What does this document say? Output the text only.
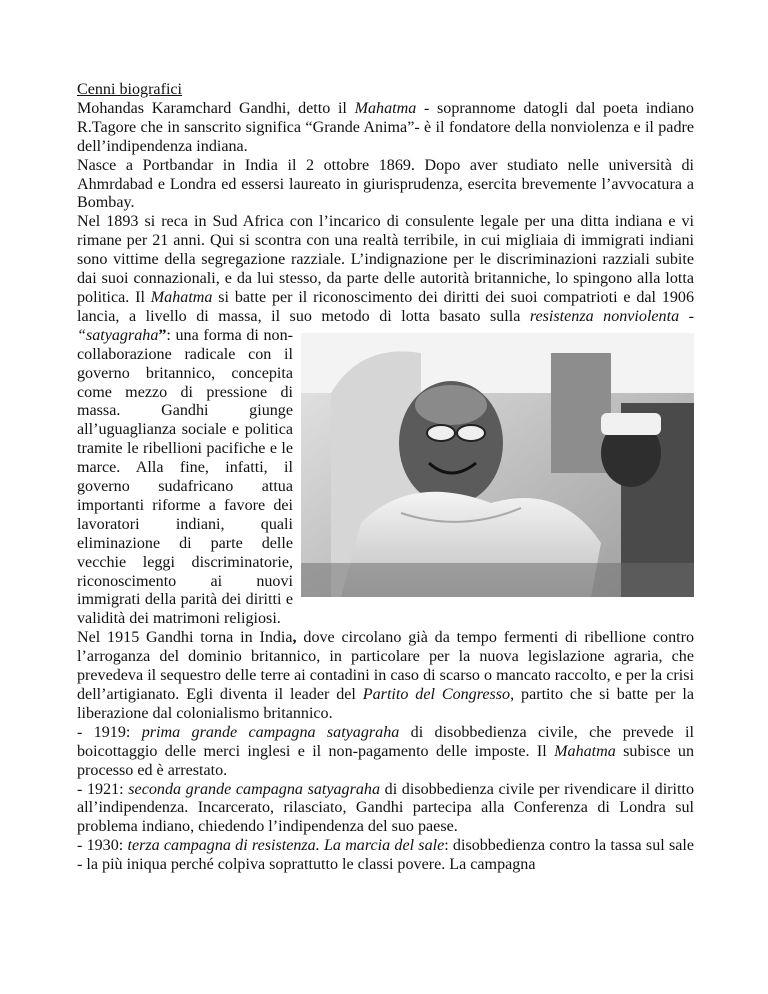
Cenni biografici

Mohandas Karamchard Gandhi, detto il Mahatma - soprannome datogli dal poeta indiano R.Tagore che in sanscrito significa “Grande Anima”- è il fondatore della nonviolenza e il padre dell’indipendenza indiana.

Nasce a Portbandar in India il 2 ottobre 1869. Dopo aver studiato nelle università di Ahmrdabad e Londra ed essersi laureato in giurisprudenza, esercita brevemente l’avvocatura a Bombay.

Nel 1893 si reca in Sud Africa con l’incarico di consulente legale per una ditta indiana e vi rimane per 21 anni. Qui si scontra con una realtà terribile, in cui migliaia di immigrati indiani sono vittime della segregazione razziale. L’indignazione per le discriminazioni razziali subite dai suoi connazionali, e da lui stesso, da parte delle autorità britanniche, lo spingono alla lotta politica. Il Mahatma si batte per il riconoscimento dei diritti dei suoi compatrioti e dal 1906 lancia, a livello di massa, il suo metodo di lotta basato sulla
resistenza nonviolenta - “satyagraha”: una forma di non-collaborazione radicale con il governo britannico, concepita come mezzo di pressione di massa. Gandhi giunge all’uguaglianza sociale e politica tramite le ribellioni pacifiche e le marce. Alla fine, infatti, il governo sudafricano attua importanti riforme a favore dei lavoratori indiani, quali eliminazione di parte delle vecchie leggi discriminatorie, riconoscimento ai nuovi immigrati della parità dei diritti e validità dei matrimoni religiosi.

Nel 1915 Gandhi torna in India, dove circolano già da tempo fermenti di ribellione contro l’arroganza del dominio britannico, in particolare per la nuova legislazione agraria, che prevedeva il sequestro delle terre ai contadini in caso di scarso o mancato raccolto, e per la crisi dell’artigianato. Egli diventa il leader del Partito del Congresso, partito che si batte per la liberazione dal colonialismo britannico.

- 1919: prima grande campagna satyagraha di disobbedienza civile, che prevede il boicottaggio delle merci inglesi e il non-pagamento delle imposte. Il Mahatma subisce un processo ed è arrestato.

- 1921: seconda grande campagna satyagraha di disobbedienza civile per rivendicare il diritto all’indipendenza. Incarcerato, rilasciato, Gandhi partecipa alla Conferenza di Londra sul problema indiano, chiedendo l’indipendenza del suo paese.

- 1930: terza campagna di resistenza. La marcia del sale: disobbedienza contro la tassa sul sale - la più iniqua perché colpiva soprattutto le classi povere. La campagna
